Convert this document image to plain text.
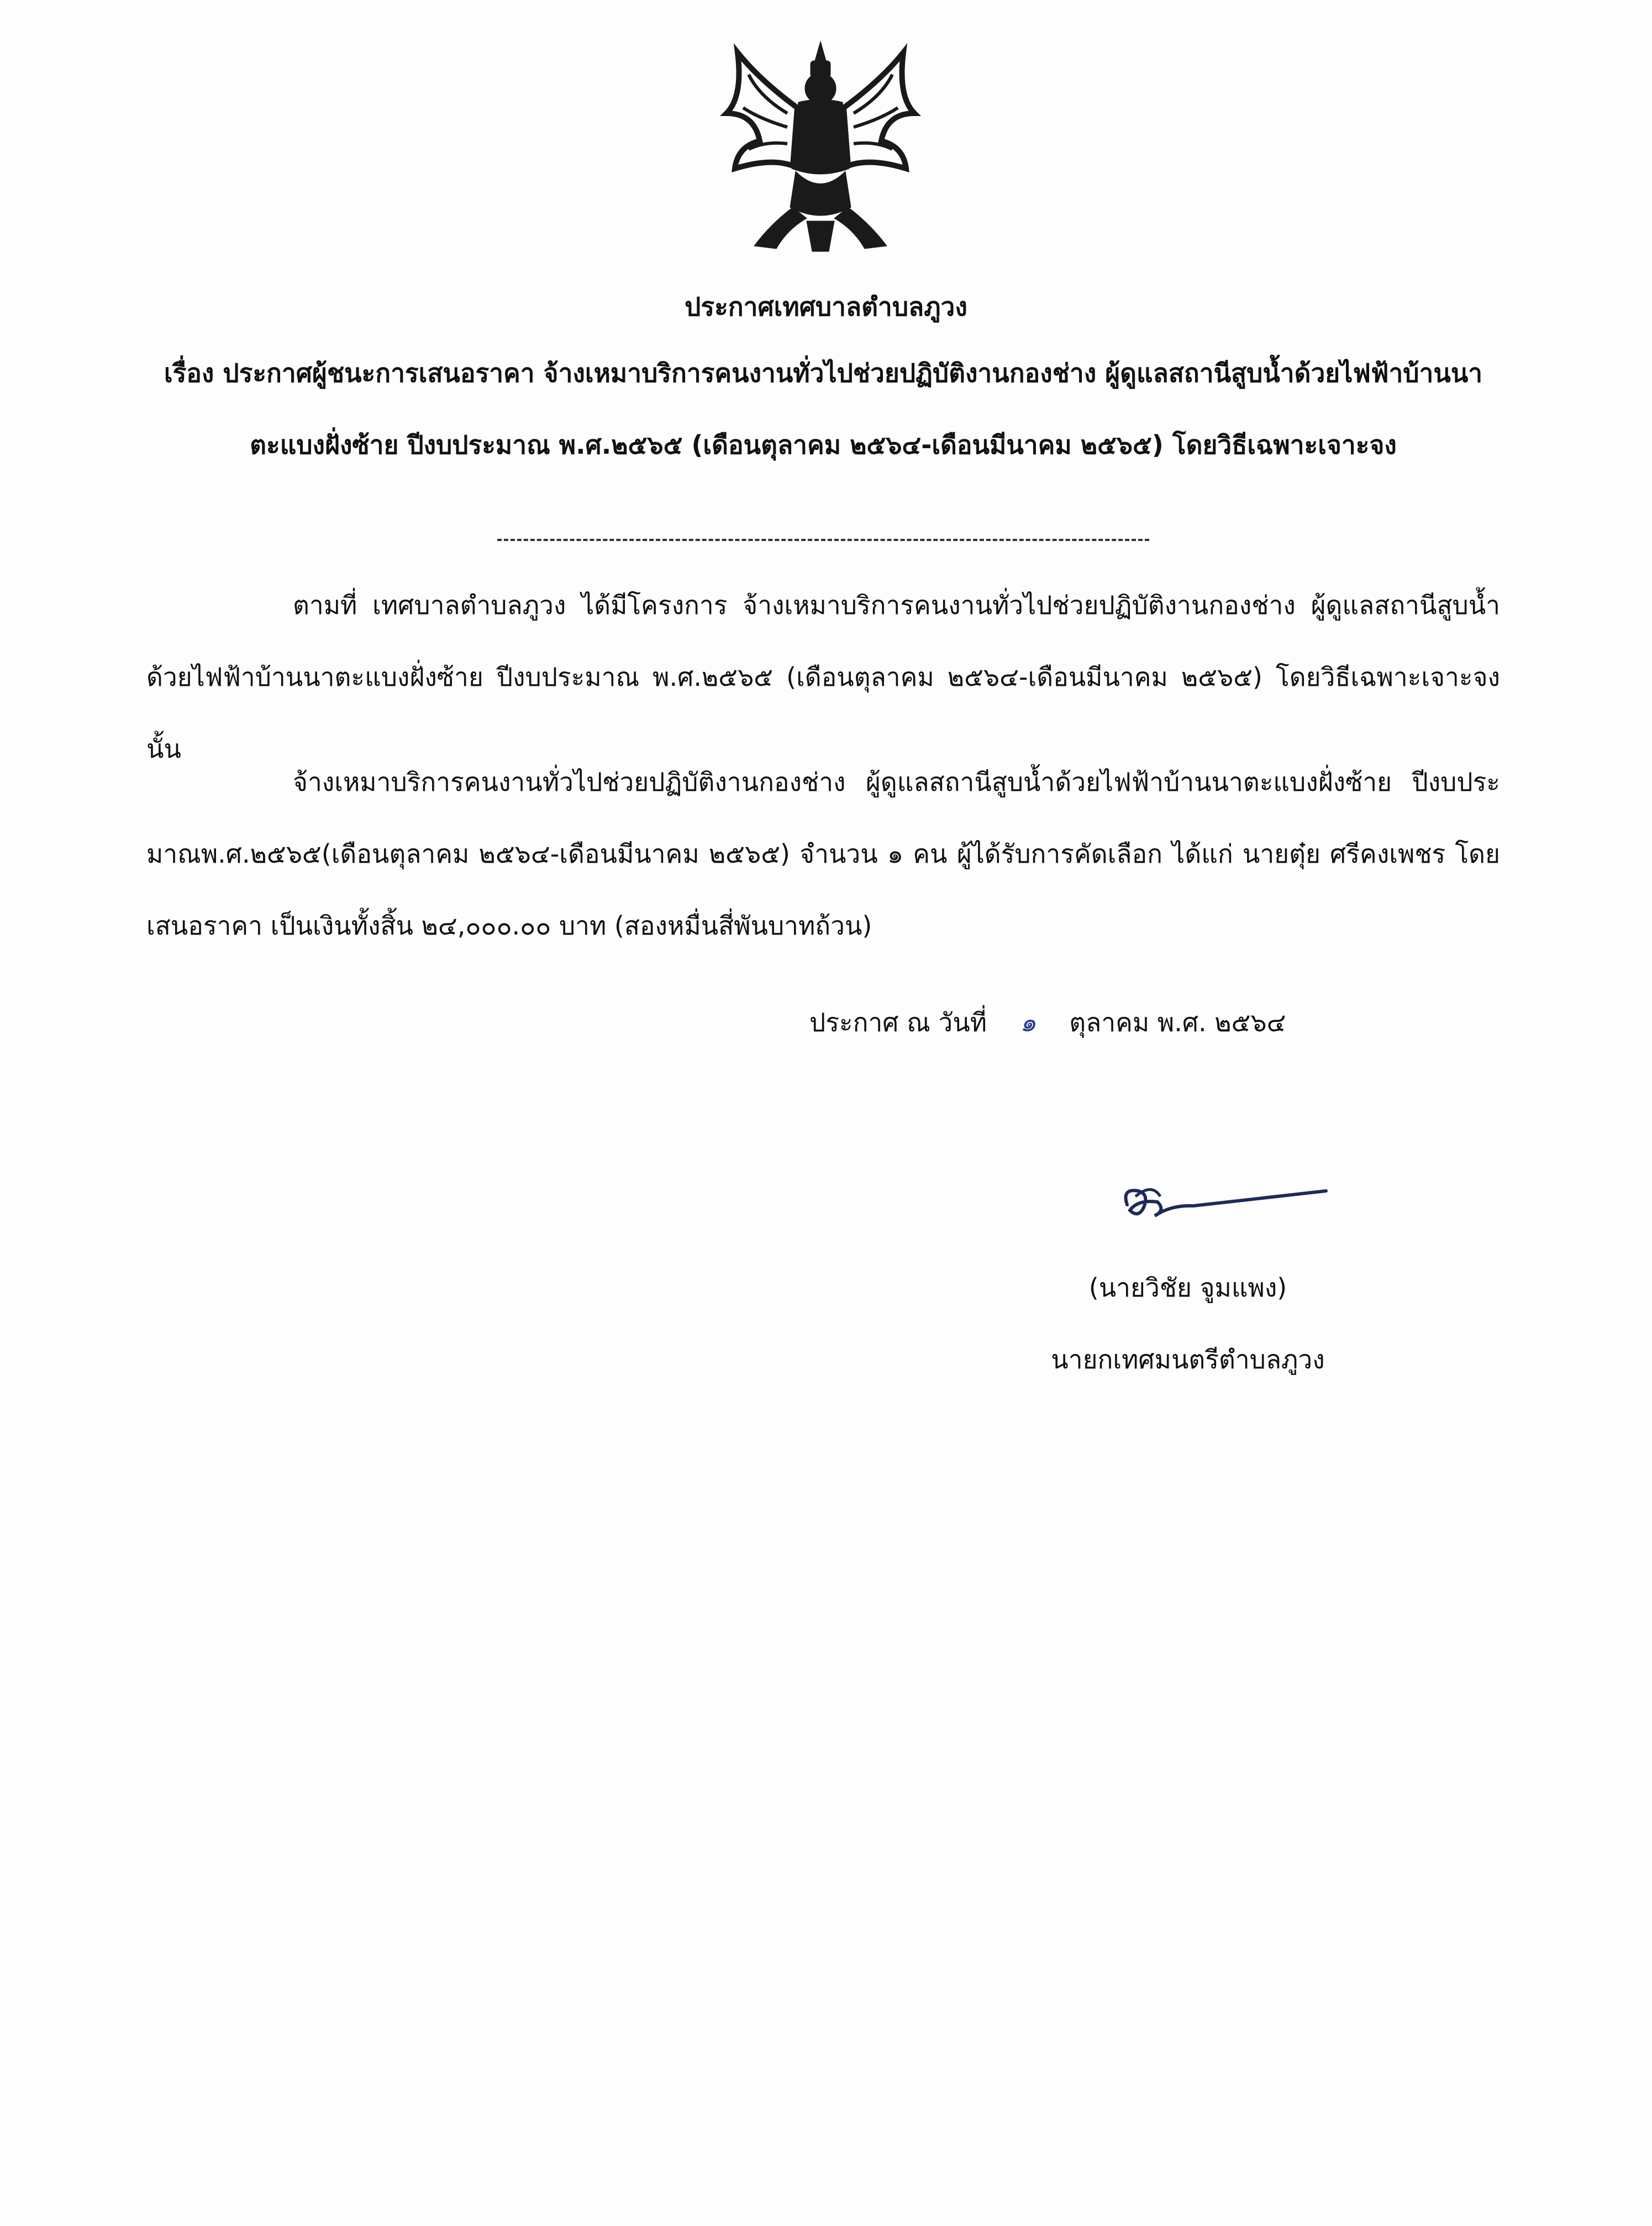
ประกาศเทศบาลตำบลภูวง
เรื่อง ประกาศผู้ชนะการเสนอราคา จ้างเหมาบริการคนงานทั่วไปช่วยปฏิบัติงานกองช่าง ผู้ดูแลสถานีสูบน้ำด้วยไฟฟ้าบ้านนาตะแบงฝั่งซ้าย ปีงบประมาณ พ.ศ.๒๕๖๕ (เดือนตุลาคม ๒๕๖๔-เดือนมีนาคม ๒๕๖๕) โดยวิธีเฉพาะเจาะจง
ตามที่ เทศบาลตำบลภูวง ได้มีโครงการ จ้างเหมาบริการคนงานทั่วไปช่วยปฏิบัติงานกองช่าง ผู้ดูแลสถานีสูบน้ำด้วยไฟฟ้าบ้านนาตะแบงฝั่งซ้าย ปีงบประมาณ พ.ศ.๒๕๖๕ (เดือนตุลาคม ๒๕๖๔-เดือนมีนาคม ๒๕๖๕) โดยวิธีเฉพาะเจาะจง นั้น
จ้างเหมาบริการคนงานทั่วไปช่วยปฏิบัติงานกองช่าง ผู้ดูแลสถานีสูบน้ำด้วยไฟฟ้าบ้านนาตะแบงฝั่งซ้าย ปีงบประมาณพ.ศ.๒๕๖๕(เดือนตุลาคม ๒๕๖๔-เดือนมีนาคม ๒๕๖๕) จำนวน ๑ คน ผู้ได้รับการคัดเลือก ได้แก่ นายตุ๋ย ศรีคงเพชร โดยเสนอราคา เป็นเงินทั้งสิ้น ๒๔,๐๐๐.๐๐ บาท (สองหมื่นสี่พันบาทถ้วน)
ประกาศ ณ วันที่ ๑ ตุลาคม พ.ศ. ๒๕๖๔
(นายวิชัย จูมแพง)
นายกเทศมนตรีตำบลภูวง
